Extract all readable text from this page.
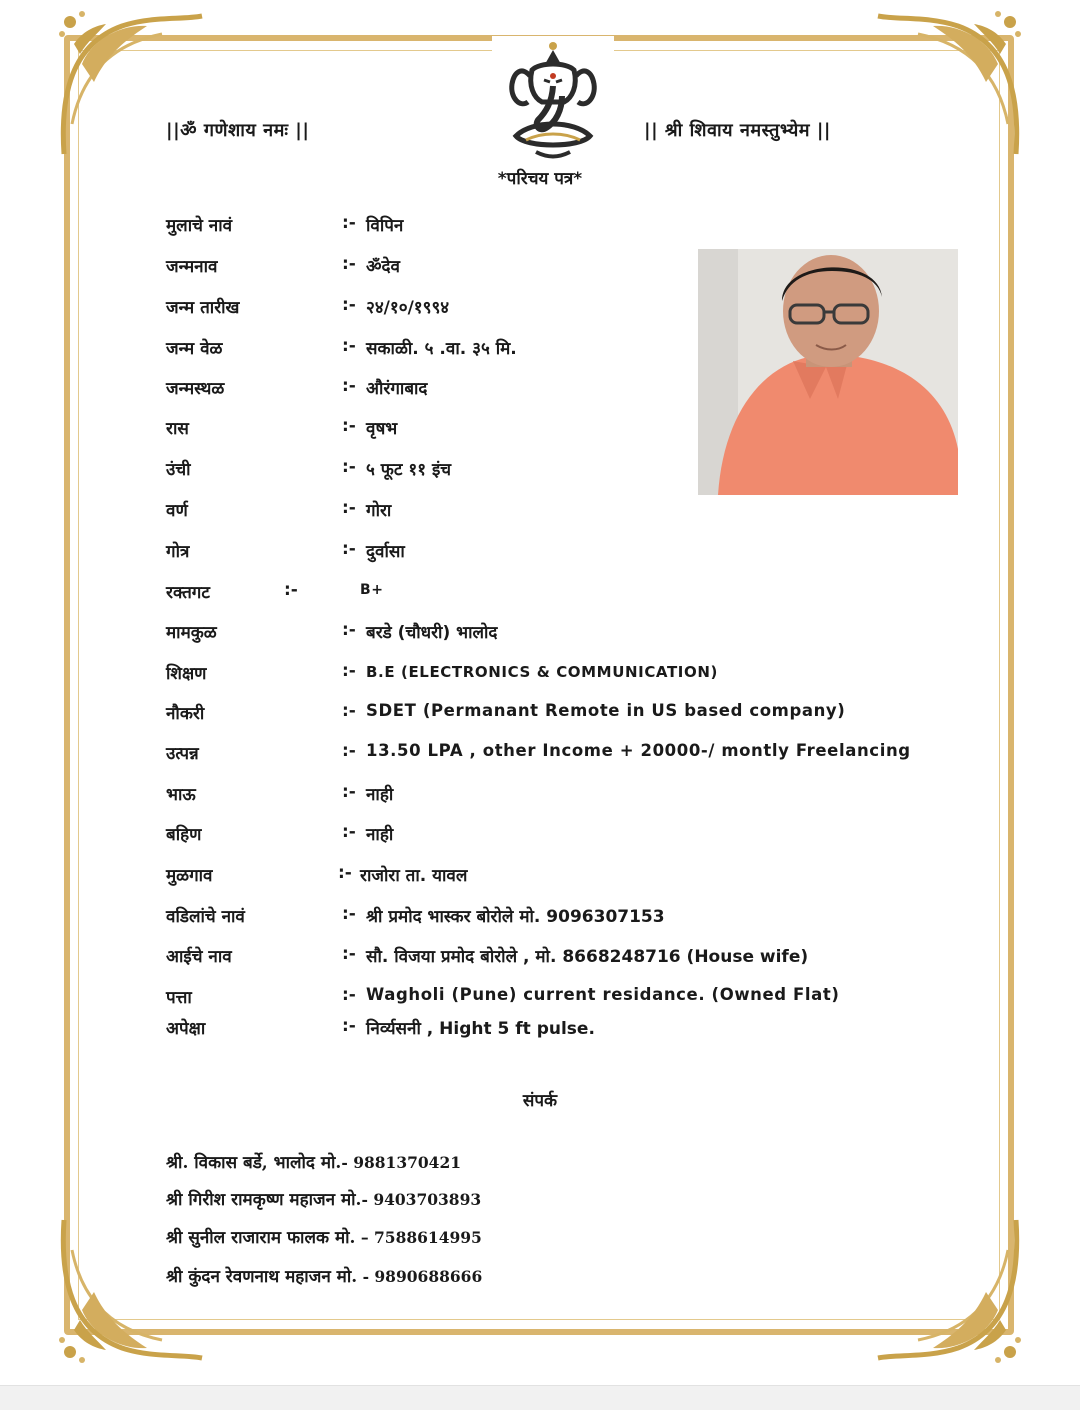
||ॐ गणेशाय नमः ||	|| श्री शिवाय नमस्तुभ्येम ||
*परिचय पत्र*
मुलाचे नावं	:- विपिन
जन्मनाव	:- ॐदेव
जन्म तारीख	:- २४/१०/१९९४
जन्म वेळ	:- सकाळी. ५ .वा. ३५ मि.
जन्मस्थळ	:- औरंगाबाद
रास	:- वृषभ
उंची	:- ५ फूट ११ इंच
वर्ण	:- गोरा
गोत्र	:- दुर्वासा
रक्तगट	:-	B+
मामकुळ	:- बरडे (चौधरी) भालोद
शिक्षण	:- B.E (ELECTRONICS & COMMUNICATION)
नौकरी	:- SDET (Permanant Remote in US based company)
उत्पन्न	:- 13.50 LPA , other Income + 20000-/ montly Freelancing
भाऊ	:- नाही
बहिण	:- नाही
मुळगाव	:- राजोरा ता. यावल
वडिलांचे नावं	:- श्री प्रमोद भास्कर बोरोले मो. 9096307153
आईचे नाव	:- सौ. विजया प्रमोद बोरोले , मो. 8668248716 (House wife)
पत्ता	:- Wagholi (Pune) current residance. (Owned Flat)
अपेक्षा	:- निर्व्यसनी , Hight 5 ft pulse.
संपर्क
श्री. विकास बर्डे, भालोद मो.- 9881370421
श्री गिरीश रामकृष्ण महाजन मो.- 9403703893
श्री सुनील राजाराम फालक मो. – 7588614995
श्री कुंदन रेवणनाथ महाजन मो. - 9890688666
